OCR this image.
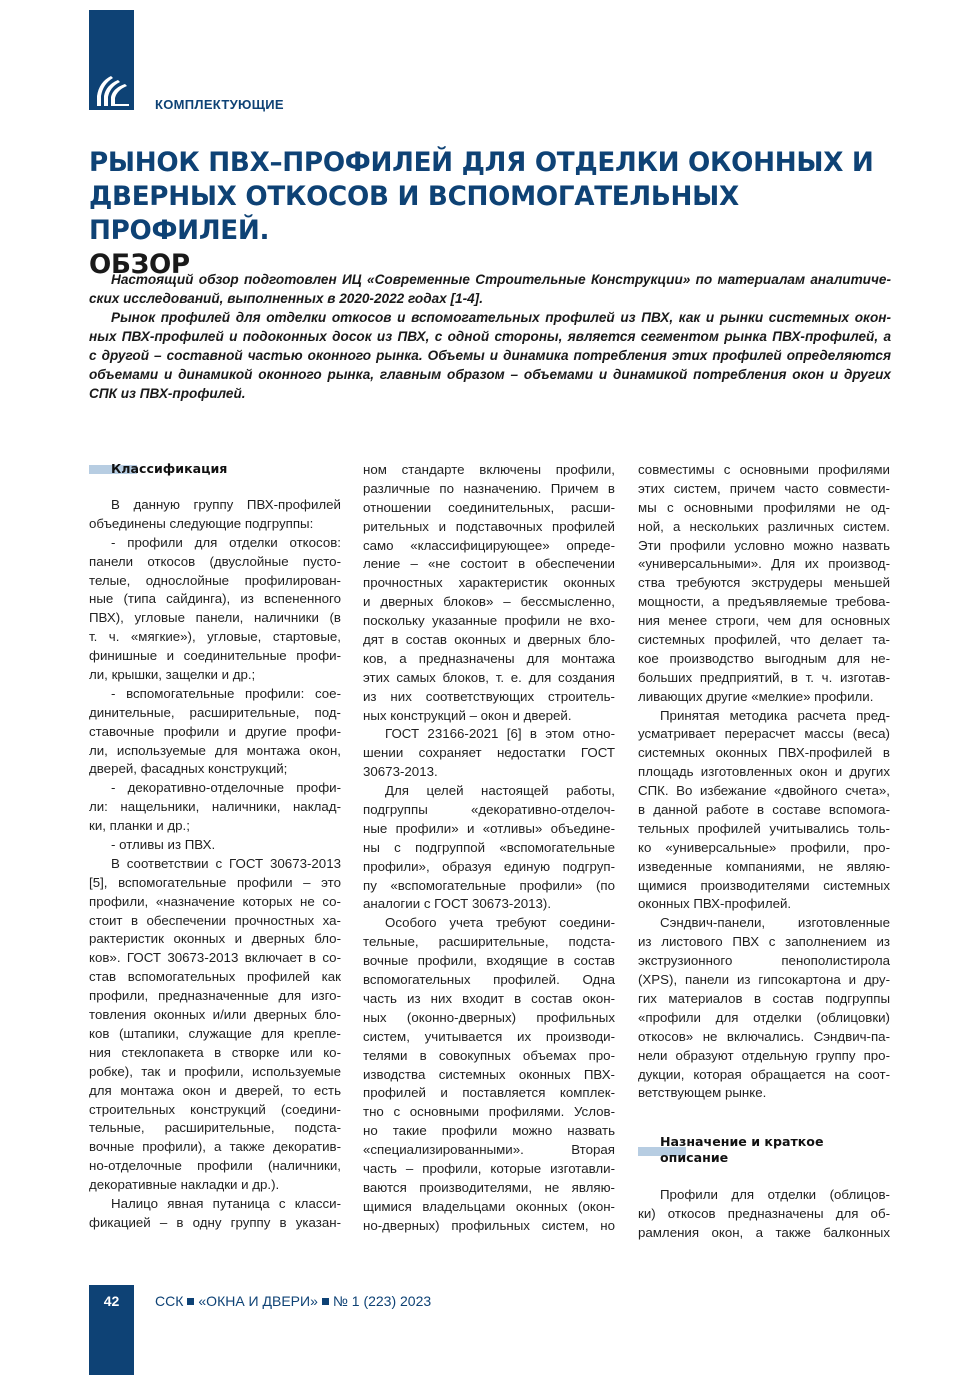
КОМПЛЕКТУЮЩИЕ
РЫНОК ПВХ–ПРОФИЛЕЙ ДЛЯ ОТДЕЛКИ ОКОННЫХ И
ДВЕРНЫХ ОТКОСОВ И ВСПОМОГАТЕЛЬНЫХ ПРОФИЛЕЙ.
ОБЗОР
Настоящий обзор подготовлен ИЦ «Современные Строительные Конструкции» по материалам аналитиче-
ских исследований, выполненных в 2020-2022 годах [1-4].
Рынок профилей для отделки откосов и вспомогательных профилей из ПВХ, как и рынки системных окон-
ных ПВХ-профилей и подоконных досок из ПВХ, с одной стороны, является сегментом рынка ПВХ-профилей, а
с другой – составной частью оконного рынка. Объемы и динамика потребления этих профилей определяются
объемами и динамикой оконного рынка, главным образом – объемами и динамикой потребления окон и других
СПК из ПВХ-профилей.
Классификация
В данную группу ПВХ-профилей
объединены следующие подгруппы:
- профили для отделки откосов:
панели откосов (двуслойные пусто-
телые, однослойные профилирован-
ные (типа сайдинга), из вспененного
ПВХ), угловые панели, наличники (в
т. ч. «мягкие»), угловые, стартовые,
финишные и соединительные профи-
ли, крышки, защелки и др.;
- вспомогательные профили: сое-
динительные, расширительные, под-
ставочные профили и другие профи-
ли, используемые для монтажа окон,
дверей, фасадных конструкций;
- декоративно-отделочные профи-
ли: нащельники, наличники, наклад-
ки, планки и др.;
- отливы из ПВХ.
В соответствии с ГОСТ 30673-2013
[5], вспомогательные профили – это
профили, «назначение которых не со-
стоит в обеспечении прочностных ха-
рактеристик оконных и дверных бло-
ков». ГОСТ 30673-2013 включает в со-
став вспомогательных профилей как
профили, предназначенные для изго-
товления оконных и/или дверных бло-
ков (штапики, служащие для крепле-
ния стеклопакета в створке или ко-
робке), так и профили, используемые
для монтажа окон и дверей, то есть
строительных конструкций (соедини-
тельные, расширительные, подста-
вочные профили), а также декоратив-
но-отделочные профили (наличники,
декоративные накладки и др.).
Налицо явная путаница с класси-
фикацией – в одну группу в указан-
ном стандарте включены профили,
различные по назначению. Причем в
отношении соединительных, расши-
рительных и подставочных профилей
само «классифицирующее» опреде-
ление – «не состоит в обеспечении
прочностных характеристик оконных
и дверных блоков» – бессмысленно,
поскольку указанные профили не вхо-
дят в состав оконных и дверных бло-
ков, а предназначены для монтажа
этих самых блоков, т. е. для создания
из них соответствующих строитель-
ных конструкций – окон и дверей.
ГОСТ 23166-2021 [6] в этом отно-
шении сохраняет недостатки ГОСТ
30673-2013.
Для целей настоящей работы,
подгруппы «декоративно-отделоч-
ные профили» и «отливы» объедине-
ны с подгруппой «вспомогательные
профили», образуя единую подгруп-
пу «вспомогательные профили» (по
аналогии с ГОСТ 30673-2013).
Особого учета требуют соедини-
тельные, расширительные, подста-
вочные профили, входящие в состав
вспомогательных профилей. Одна
часть из них входит в состав окон-
ных (оконно-дверных) профильных
систем, учитывается их производи-
телями в совокупных объемах про-
изводства системных оконных ПВХ-
профилей и поставляется комплек-
тно с основными профилями. Услов-
но такие профили можно назвать
«специализированными». Вторая
часть – профили, которые изготавли-
ваются производителями, не являю-
щимися владельцами оконных (окон-
но-дверных) профильных систем, но
совместимы с основными профилями
этих систем, причем часто совмести-
мы с основными профилями не од-
ной, а нескольких различных систем.
Эти профили условно можно назвать
«универсальными». Для их производ-
ства требуются экструдеры меньшей
мощности, а предъявляемые требова-
ния менее строги, чем для основных
системных профилей, что делает та-
кое производство выгодным для не-
больших предприятий, в т. ч. изготав-
ливающих другие «мелкие» профили.
Принятая методика расчета пред-
усматривает перерасчет массы (веса)
системных оконных ПВХ-профилей в
площадь изготовленных окон и других
СПК. Во избежание «двойного счета»,
в данной работе в составе вспомога-
тельных профилей учитывались толь-
ко «универсальные» профили, про-
изведенные компаниями, не являю-
щимися производителями системных
оконных ПВХ-профилей.
Сэндвич-панели, изготовленные
из листового ПВХ с заполнением из
экструзионного пенополистирола
(XPS), панели из гипсокартона и дру-
гих материалов в состав подгруппы
«профили для отделки (облицовки)
откосов» не включались. Сэндвич-па-
нели образуют отдельную группу про-
дукции, которая обращается на соот-
ветствующем рынке.
Назначение и краткое
описание
Профили для отделки (облицов-
ки) откосов предназначены для об-
рамления окон, а также балконных
42	ССК «ОКНА И ДВЕРИ» № 1 (223) 2023
